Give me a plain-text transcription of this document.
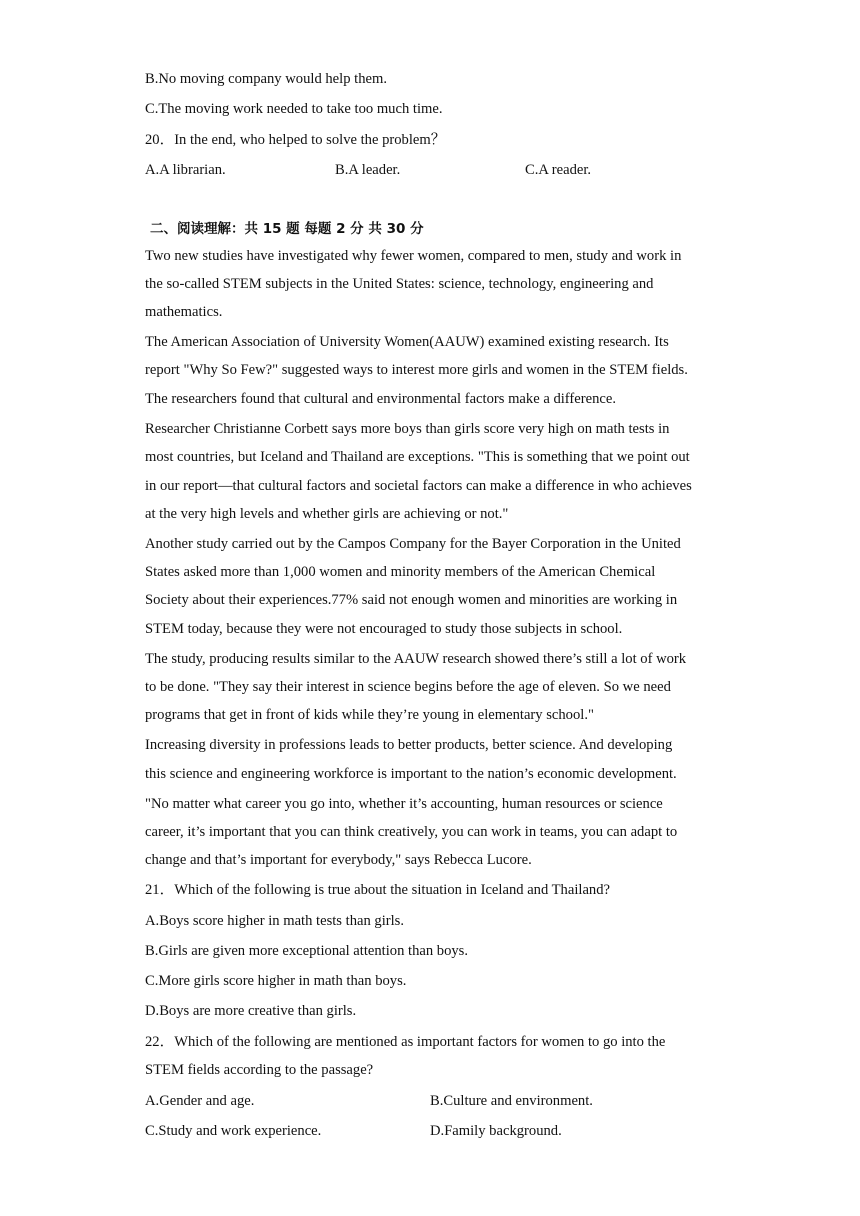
B.No moving company would help them.
C.The moving work needed to take too much time.
20．In the end, who helped to solve the problem？
A.A librarian.	B.A leader.	C.A reader.
二、阅读理解：共 15 题 每题 2 分 共 30 分
Two new studies have investigated why fewer women, compared to men, study and work in
the so-called STEM subjects in the United States: science, technology, engineering and
mathematics.
The American Association of University Women(AAUW) examined existing research. Its
report "Why So Few?" suggested ways to interest more girls and women in the STEM fields.
The researchers found that cultural and environmental factors make a difference.
Researcher Christianne Corbett says more boys than girls score very high on math tests in
most countries, but Iceland and Thailand are exceptions. "This is something that we point out
in our report—that cultural factors and societal factors can make a difference in who achieves
at the very high levels and whether girls are achieving or not."
Another study carried out by the Campos Company for the Bayer Corporation in the United
States asked more than 1,000 women and minority members of the American Chemical
Society about their experiences.77% said not enough women and minorities are working in
STEM today, because they were not encouraged to study those subjects in school.
The study, producing results similar to the AAUW research showed there’s still a lot of work
to be done. "They say their interest in science begins before the age of eleven. So we need
programs that get in front of kids while they’re young in elementary school."
Increasing diversity in professions leads to better products, better science. And developing
this science and engineering workforce is important to the nation’s economic development.
"No matter what career you go into, whether it’s accounting, human resources or science
career, it’s important that you can think creatively, you can work in teams, you can adapt to
change and that’s important for everybody," says Rebecca Lucore.
21．Which of the following is true about the situation in Iceland and Thailand?
A.Boys score higher in math tests than girls.
B.Girls are given more exceptional attention than boys.
C.More girls score higher in math than boys.
D.Boys are more creative than girls.
22．Which of the following are mentioned as important factors for women to go into the
STEM fields according to the passage?
A.Gender and age.	B.Culture and environment.
C.Study and work experience.	D.Family background.
